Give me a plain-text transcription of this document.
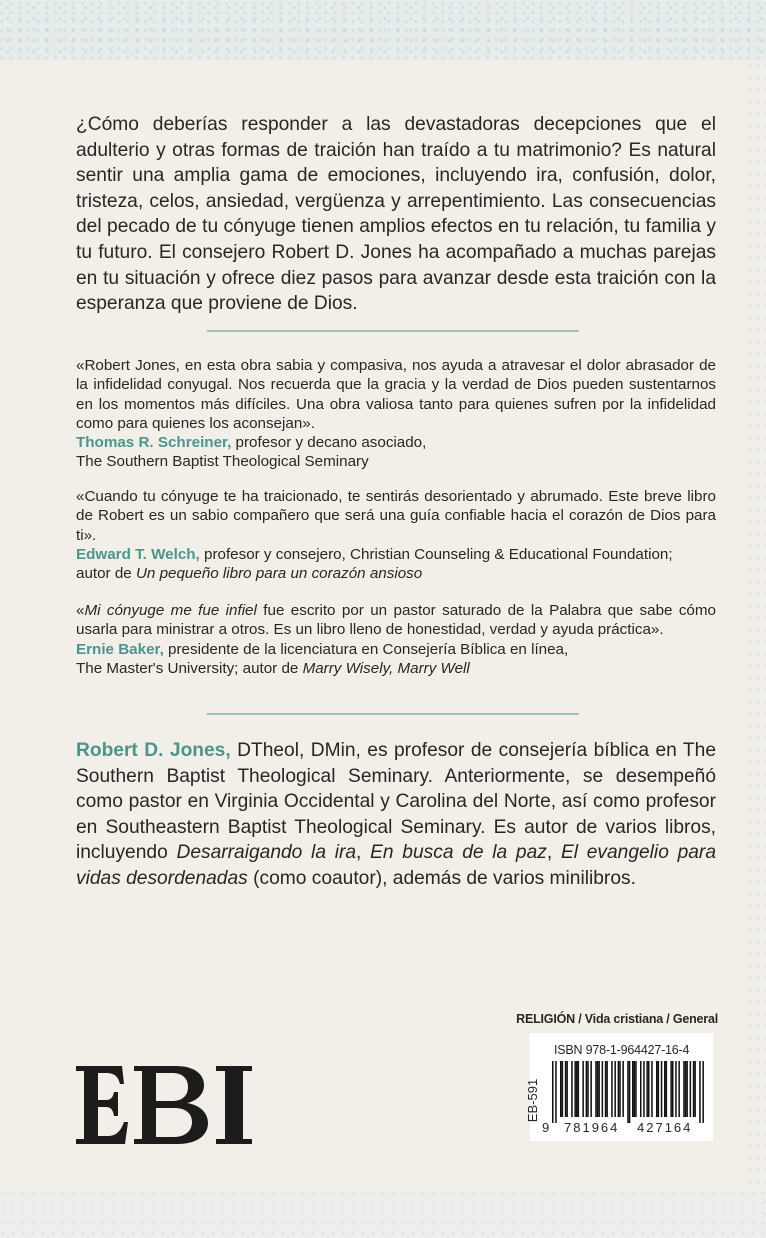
¿Cómo deberías responder a las devastadoras decepciones que el adulterio y otras formas de traición han traído a tu matrimonio? Es natural sentir una amplia gama de emociones, incluyendo ira, confusión, dolor, tristeza, celos, ansiedad, vergüenza y arrepentimiento. Las consecuencias del pecado de tu cónyuge tienen amplios efectos en tu relación, tu familia y tu futuro. El consejero Robert D. Jones ha acompañado a muchas parejas en tu situación y ofrece diez pasos para avanzar desde esta traición con la esperanza que proviene de Dios.

«Robert Jones, en esta obra sabia y compasiva, nos ayuda a atravesar el dolor abrasador de la infidelidad conyugal. Nos recuerda que la gracia y la verdad de Dios pueden sustentarnos en los momentos más difíciles. Una obra valiosa tanto para quienes sufren por la infidelidad como para quienes los aconsejan».

Thomas R. Schreiner, profesor y decano asociado,

The Southern Baptist Theological Seminary

«Cuando tu cónyuge te ha traicionado, te sentirás desorientado y abrumado. Este breve libro de Robert es un sabio compañero que será una guía confiable hacia el corazón de Dios para ti».

Edward T. Welch, profesor y consejero, Christian Counseling & Educational Foundation;

autor de Un pequeño libro para un corazón ansioso

«Mi cónyuge me fue infiel fue escrito por un pastor saturado de la Palabra que sabe cómo usarla para ministrar a otros. Es un libro lleno de honestidad, verdad y ayuda práctica».

Ernie Baker, presidente de la licenciatura en Consejería Bíblica en línea,

The Master's University; autor de Marry Wisely, Marry Well

Robert D. Jones, DTheol, DMin, es profesor de consejería bíblica en The Southern Baptist Theological Seminary. Anteriormente, se desempeñó como pastor en Virginia Occidental y Carolina del Norte, así como profesor en Southeastern Baptist Theological Seminary. Es autor de varios libros, incluyendo Desarraigando la ira, En busca de la paz, El evangelio para vidas desordenadas (como coautor), además de varios minilibros.

RELIGIÓN / Vida cristiana / General
ISBN 978-1-964427-16-4
EB-591
9 781964 427164
